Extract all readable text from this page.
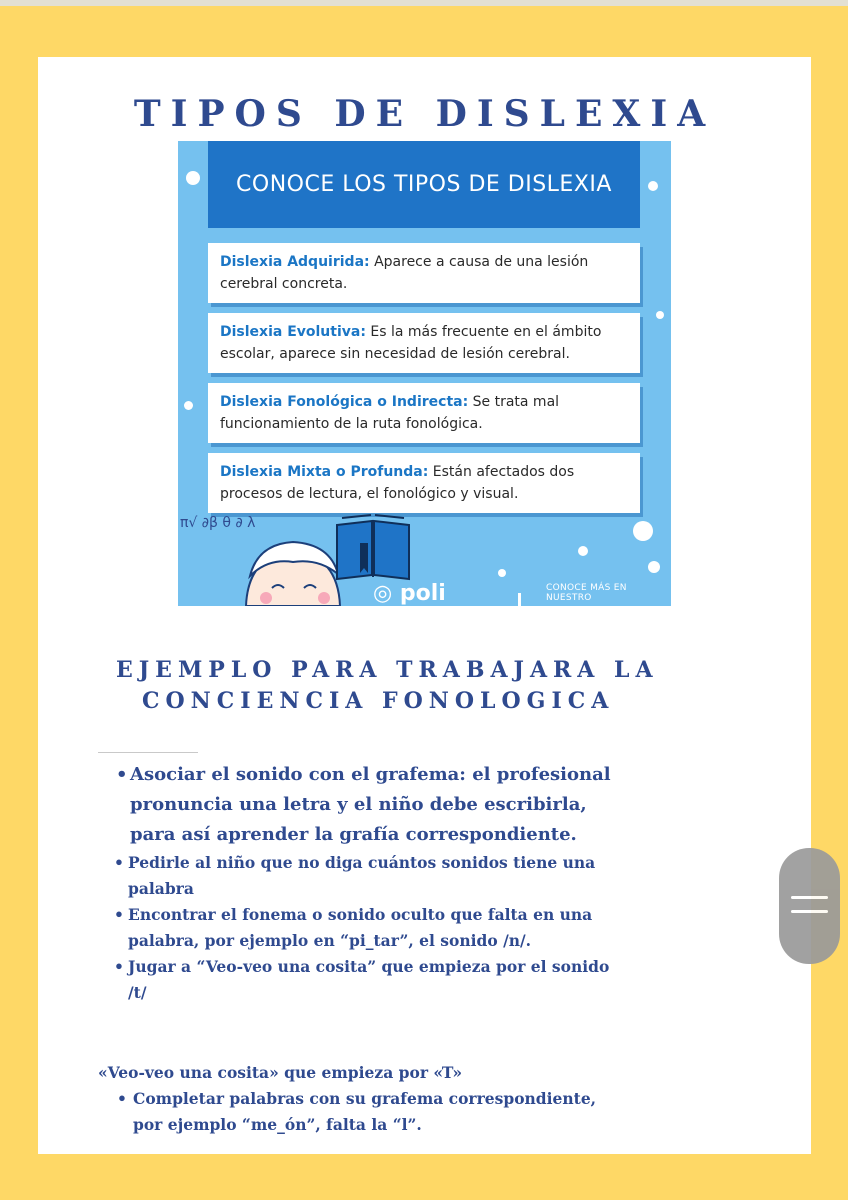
TIPOS DE DISLEXIA
CONOCE LOS TIPOS DE DISLEXIA
Dislexia Adquirida: Aparece a causa de una lesión cerebral concreta.
Dislexia Evolutiva: Es la más frecuente en el ámbito escolar, aparece sin necesidad de lesión cerebral.
Dislexia Fonológica o Indirecta: Se trata mal funcionamiento de la ruta fonológica.
Dislexia Mixta o Profunda: Están afectados dos procesos de lectura, el fonológico y visual.
π√ ∂β θ ∂ λ
◎ poli	CONOCE MÁS EN NUESTRO
EJEMPLO PARA TRABAJARA LA
CONCIENCIA FONOLOGICA
• Asociar el sonido con el grafema: el profesional pronuncia una letra y el niño debe escribirla, para así aprender la grafía correspondiente.
• Pedirle al niño que no diga cuántos sonidos tiene una palabra
• Encontrar el fonema o sonido oculto que falta en una palabra, por ejemplo en “pi_tar”, el sonido /n/.
• Jugar a “Veo-veo una cosita” que empieza por el sonido /t/
«Veo-veo una cosita» que empieza por «T»
• Completar palabras con su grafema correspondiente, por ejemplo “me_ón”, falta la “l”.
